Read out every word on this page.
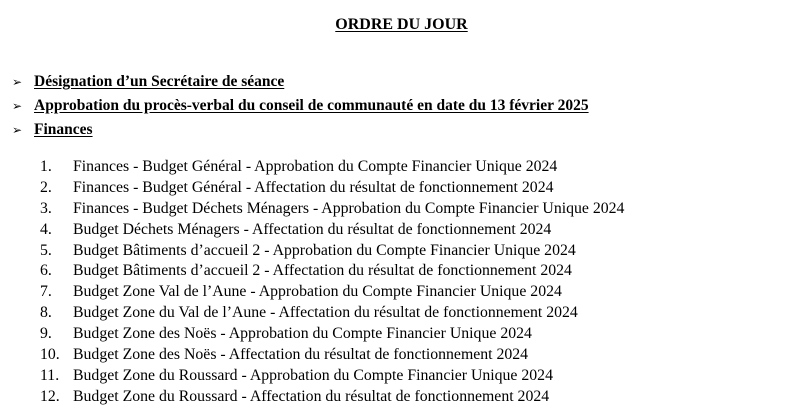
ORDRE DU JOUR
➢ Désignation d’un Secrétaire de séance
➢ Approbation du procès-verbal du conseil de communauté en date du 13 février 2025
➢ Finances
1.	Finances - Budget Général - Approbation du Compte Financier Unique 2024
2.	Finances - Budget Général - Affectation du résultat de fonctionnement 2024
3.	Finances - Budget Déchets Ménagers - Approbation du Compte Financier Unique 2024
4.	Budget Déchets Ménagers - Affectation du résultat de fonctionnement 2024
5.	Budget Bâtiments d’accueil 2 - Approbation du Compte Financier Unique 2024
6.	Budget Bâtiments d’accueil 2 - Affectation du résultat de fonctionnement 2024
7.	Budget Zone Val de l’Aune - Approbation du Compte Financier Unique 2024
8.	Budget Zone du Val de l’Aune - Affectation du résultat de fonctionnement 2024
9.	Budget Zone des Noës - Approbation du Compte Financier Unique 2024
10. Budget Zone des Noës - Affectation du résultat de fonctionnement 2024
11. Budget Zone du Roussard - Approbation du Compte Financier Unique 2024
12. Budget Zone du Roussard - Affectation du résultat de fonctionnement 2024
